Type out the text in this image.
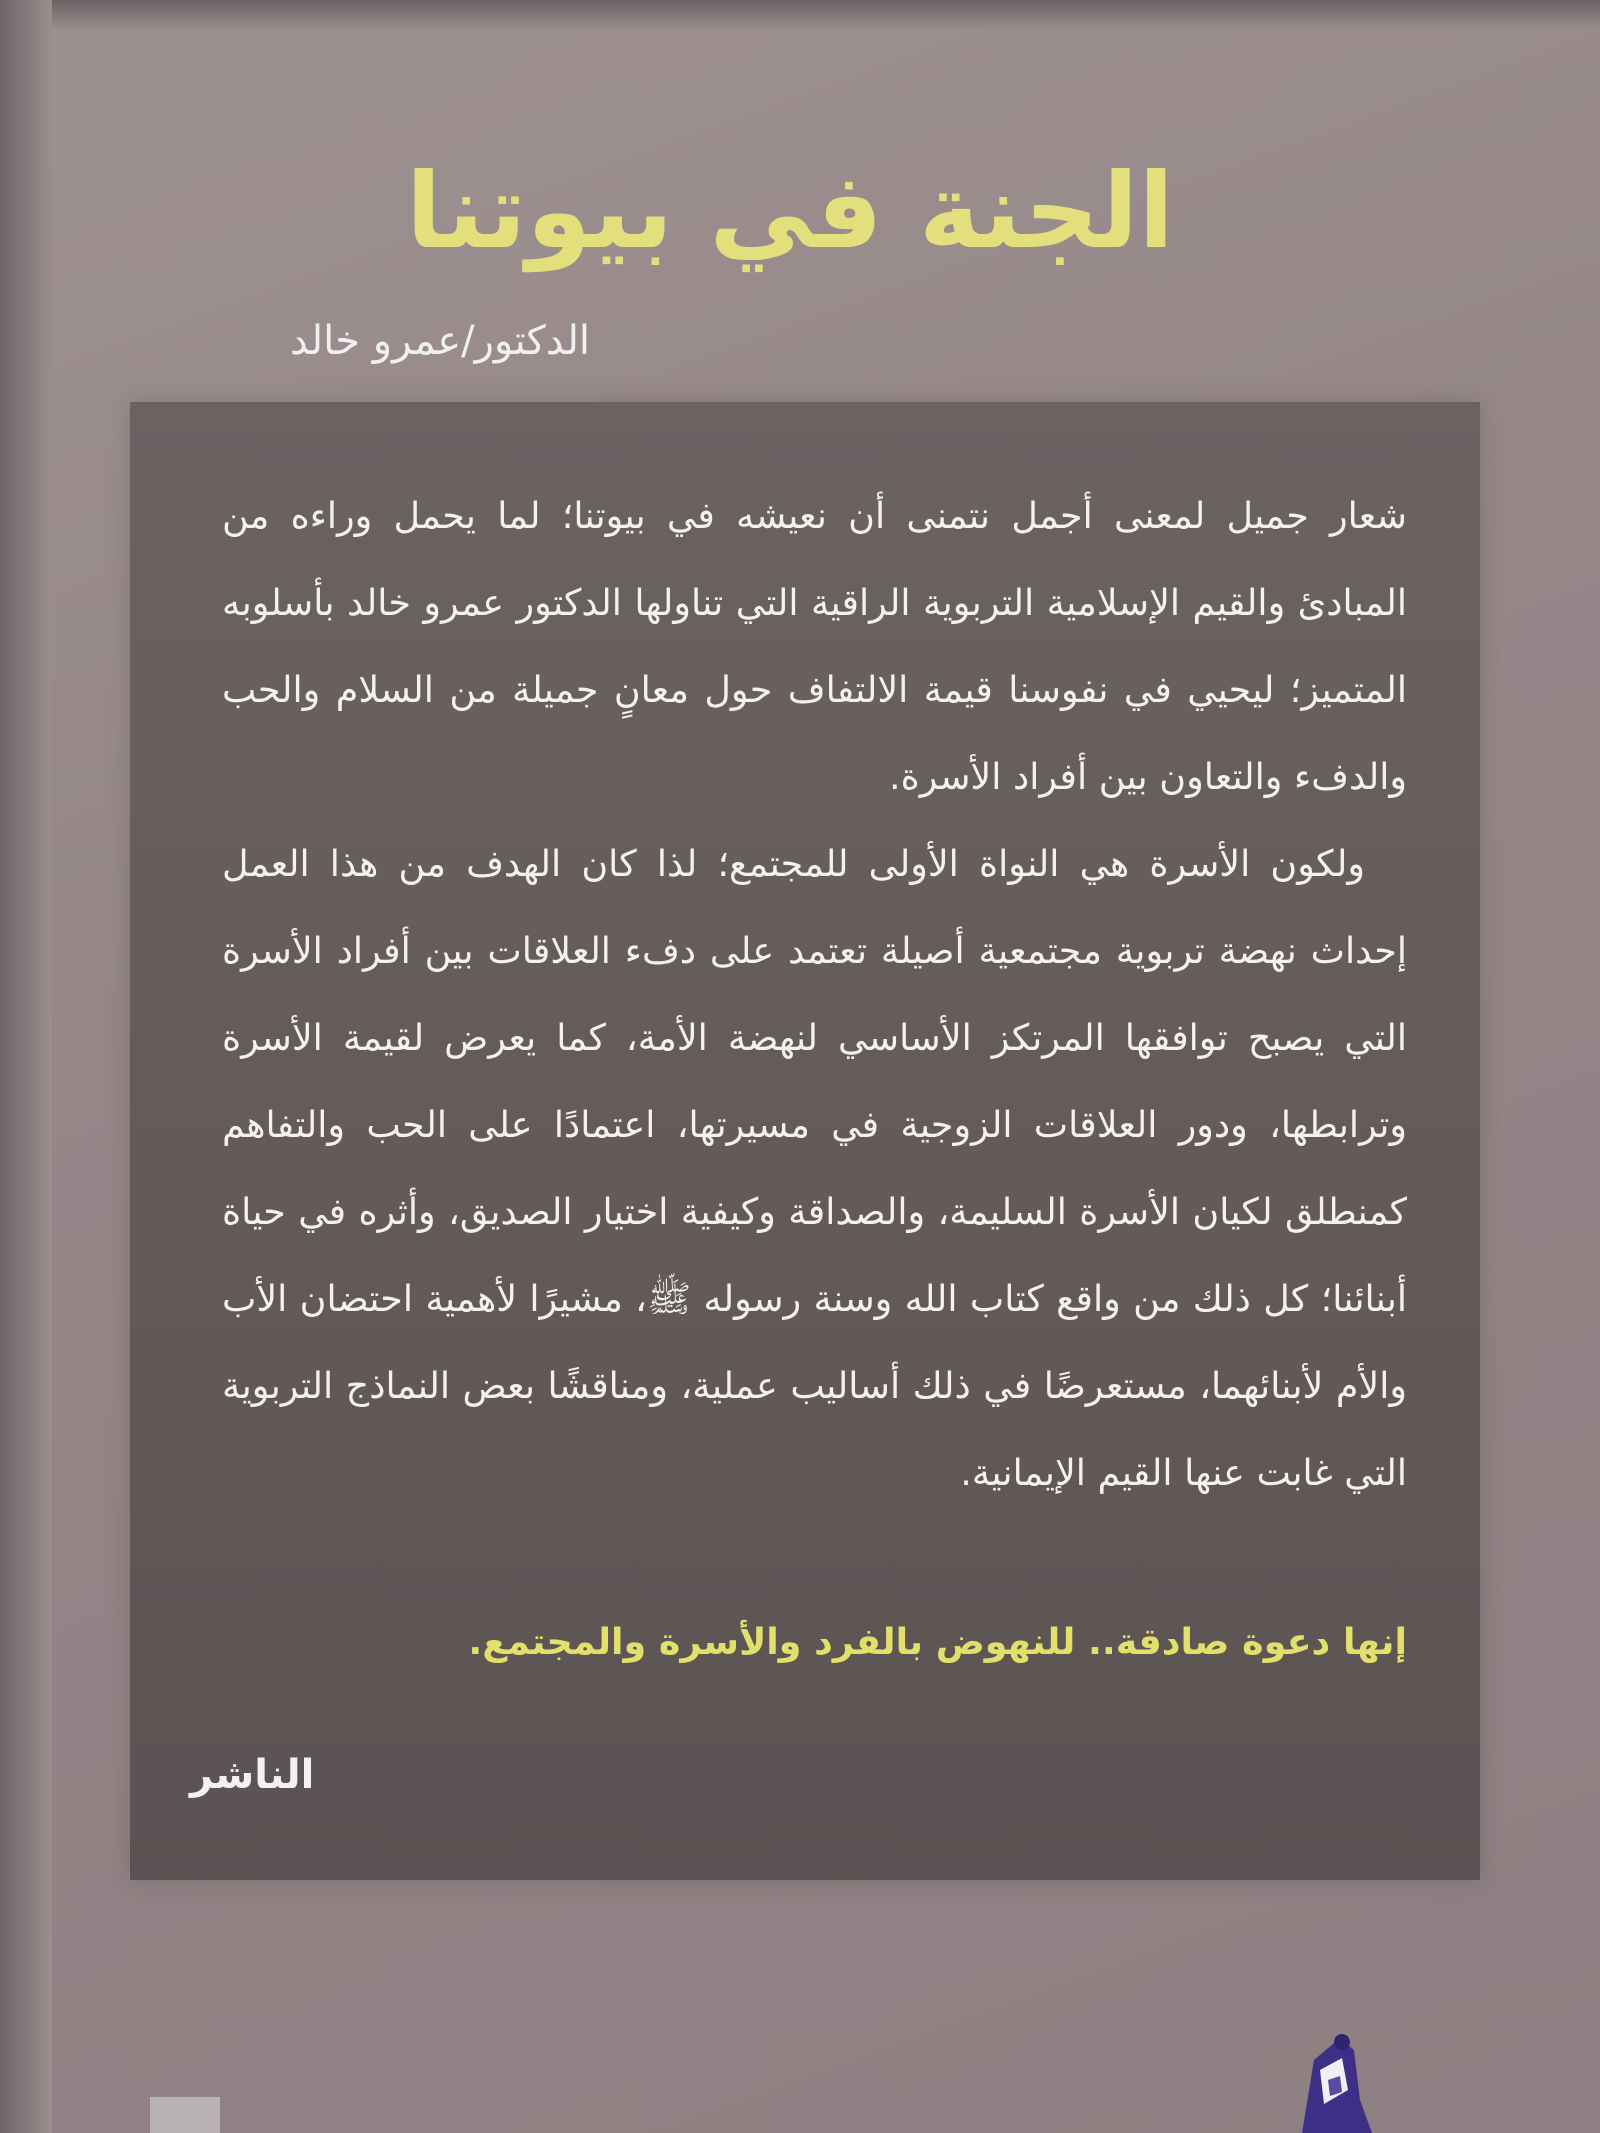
الجنة في بيوتنا
الدكتور/عمرو خالد

شعار جميل لمعنى أجمل نتمنى أن نعيشه في بيوتنا؛ لما يحمل وراءه من المبادئ والقيم الإسلامية التربوية الراقية التي تناولها الدكتور عمرو خالد بأسلوبه المتميز؛ ليحيي في نفوسنا قيمة الالتفاف حول معانٍ جميلة من السلام والحب والدفء والتعاون بين أفراد الأسرة.

ولكون الأسرة هي النواة الأولى للمجتمع؛ لذا كان الهدف من هذا العمل إحداث نهضة تربوية مجتمعية أصيلة تعتمد على دفء العلاقات بين أفراد الأسرة التي يصبح توافقها المرتكز الأساسي لنهضة الأمة، كما يعرض لقيمة الأسرة وترابطها، ودور العلاقات الزوجية في مسيرتها، اعتمادًا على الحب والتفاهم كمنطلق لكيان الأسرة السليمة، والصداقة وكيفية اختيار الصديق، وأثره في حياة أبنائنا؛ كل ذلك من واقع كتاب الله وسنة رسوله ﷺ، مشيرًا لأهمية احتضان الأب والأم لأبنائهما، مستعرضًا في ذلك أساليب عملية، ومناقشًا بعض النماذج التربوية التي غابت عنها القيم الإيمانية.

إنها دعوة صادقة.. للنهوض بالفرد والأسرة والمجتمع.
الناشر
